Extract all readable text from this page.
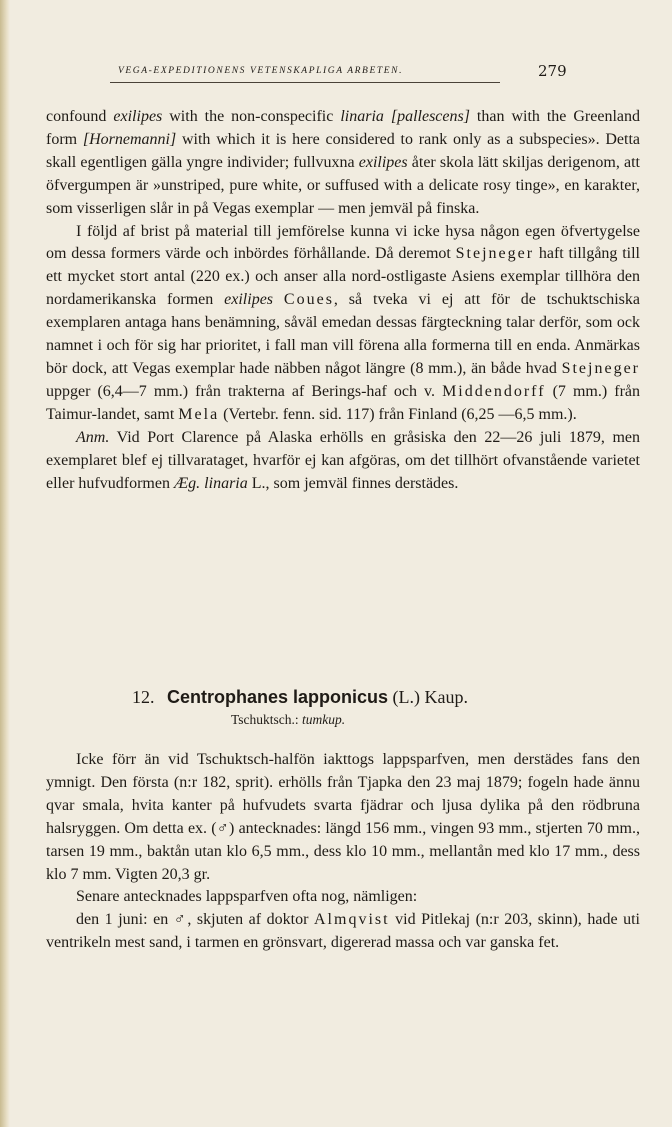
VEGA-EXPEDITIONENS VETENSKAPLIGA ARBETEN.	279

confound exilipes with the non-conspecific linaria [pallescens] than with the Greenland form [Hornemanni] with which it is here considered to rank only as a subspecies». Detta skall egentligen gälla yngre individer; fullvuxna exilipes åter skola lätt skiljas derigenom, att öfvergumpen är »unstriped, pure white, or suffused with a delicate rosy tinge», en karakter, som visserligen slår in på Vegas exemplar — men jemväl på finska.

I följd af brist på material till jemförelse kunna vi icke hysa någon egen öfvertygelse om dessa formers värde och inbördes förhållande. Då deremot Stejneger haft tillgång till ett mycket stort antal (220 ex.) och anser alla nord-ostligaste Asiens exemplar tillhöra den nordamerikanska formen exilipes Coues, så tveka vi ej att för de tschuktschiska exemplaren antaga hans benämning, såväl emedan dessas färgteckning talar derför, som ock namnet i och för sig har prioritet, i fall man vill förena alla formerna till en enda. Anmärkas bör dock, att Vegas exemplar hade näbben något längre (8 mm.), än både hvad Stejneger uppger (6,4—7 mm.) från trakterna af Berings-haf och v. Middendorff (7 mm.) från Taimur-landet, samt Mela (Vertebr. fenn. sid. 117) från Finland (6,25 —6,5 mm.).

Anm. Vid Port Clarence på Alaska erhölls en gråsiska den 22—26 juli 1879, men exemplaret blef ej tillvarataget, hvarför ej kan afgöras, om det tillhört ofvanstående varietet eller hufvudformen Æg. linaria L., som jemväl finnes derstädes.

12. Centrophanes lapponicus (L.) Kaup.
Tschuktsch.: tumkup.

Icke förr än vid Tschuktsch-halfön iakttogs lappsparfven, men derstädes fans den ymnigt. Den första (n:r 182, sprit). erhölls från Tjapka den 23 maj 1879; fogeln hade ännu qvar smala, hvita kanter på hufvudets svarta fjädrar och ljusa dylika på den rödbruna halsryggen. Om detta ex. (♂) antecknades: längd 156 mm., vingen 93 mm., stjerten 70 mm., tarsen 19 mm., baktån utan klo 6,5 mm., dess klo 10 mm., mellantån med klo 17 mm., dess klo 7 mm. Vigten 20,3 gr.

Senare antecknades lappsparfven ofta nog, nämligen:

den 1 juni: en ♂, skjuten af doktor Almqvist vid Pitlekaj (n:r 203, skinn), hade uti ventrikeln mest sand, i tarmen en grönsvart, digererad massa och var ganska fet.
